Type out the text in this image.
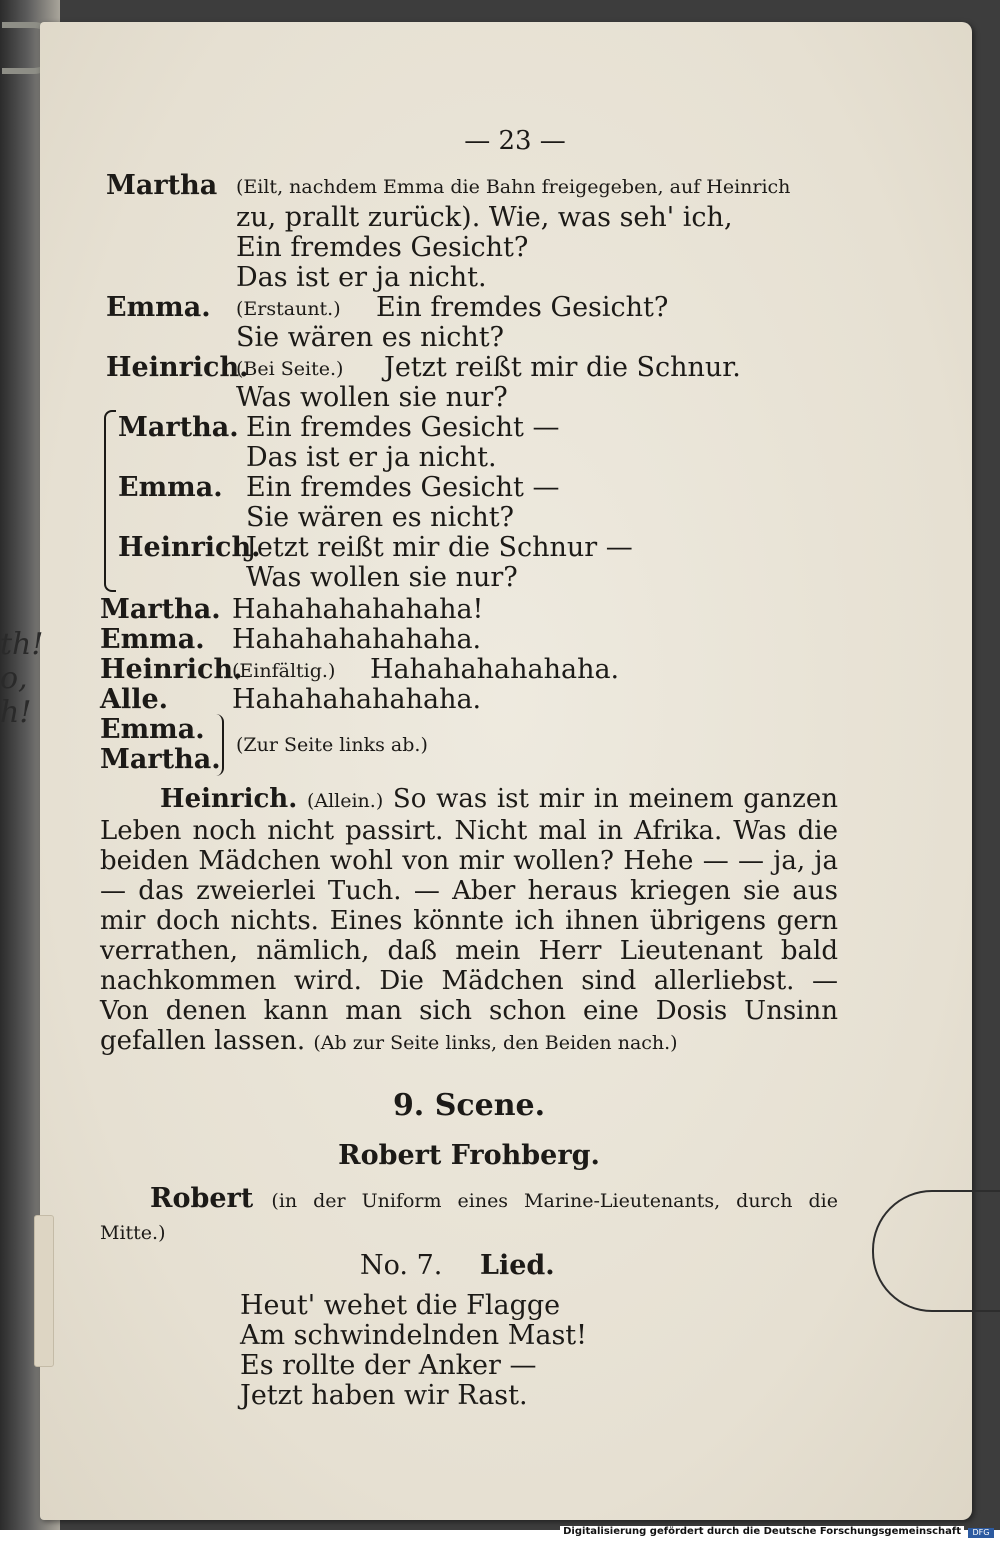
— 23 —
Martha (Eilt, nachdem Emma die Bahn freigegeben, auf Heinrich
zu, prallt zurück). Wie, was seh' ich,
Ein fremdes Gesicht?
Das ist er ja nicht.
Emma. (Erstaunt.) Ein fremdes Gesicht?
Sie wären es nicht?
Heinrich.
(Bei Seite.) Jetzt reißt mir die Schnur.
Was wollen sie nur?
Martha. Ein fremdes Gesicht —
Das ist er ja nicht.
Emma. Ein fremdes Gesicht —
Sie wären es nicht?
Heinrich.
Jetzt reißt mir die Schnur —
Was wollen sie nur?
Martha. Hahahahahahaha!
Emma. Hahahahahahaha.
Heinrich.
(Einfältig.) Hahahahahahaha.
Alle. Hahahahahahaha.
Emma.
Martha. (Zur Seite links ab.)
Heinrich. (Allein.) So was ist mir in meinem ganzen Leben noch nicht passirt. Nicht mal in Afrika. Was die beiden Mädchen wohl von mir wollen? Hehe — — ja, ja — das zweierlei Tuch. — Aber heraus kriegen sie aus mir doch nichts. Eines könnte ich ihnen übrigens gern verrathen, nämlich, daß mein Herr Lieutenant bald nachkommen wird. Die Mädchen sind allerliebst. — Von denen kann man sich schon eine Dosis Unsinn gefallen lassen. (Ab zur Seite links, den Beiden nach.)
9. Scene.
Robert Frohberg.
Robert (in der Uniform eines Marine-Lieutenants, durch die Mitte.)
No. 7. Lied.
Heut' wehet die Flagge
Am schwindelnden Mast!
Es rollte der Anker —
Jetzt haben wir Rast.
th!
o,
h!
Digitalisierung gefördert durch die Deutsche Forschungsgemeinschaft	DFG
